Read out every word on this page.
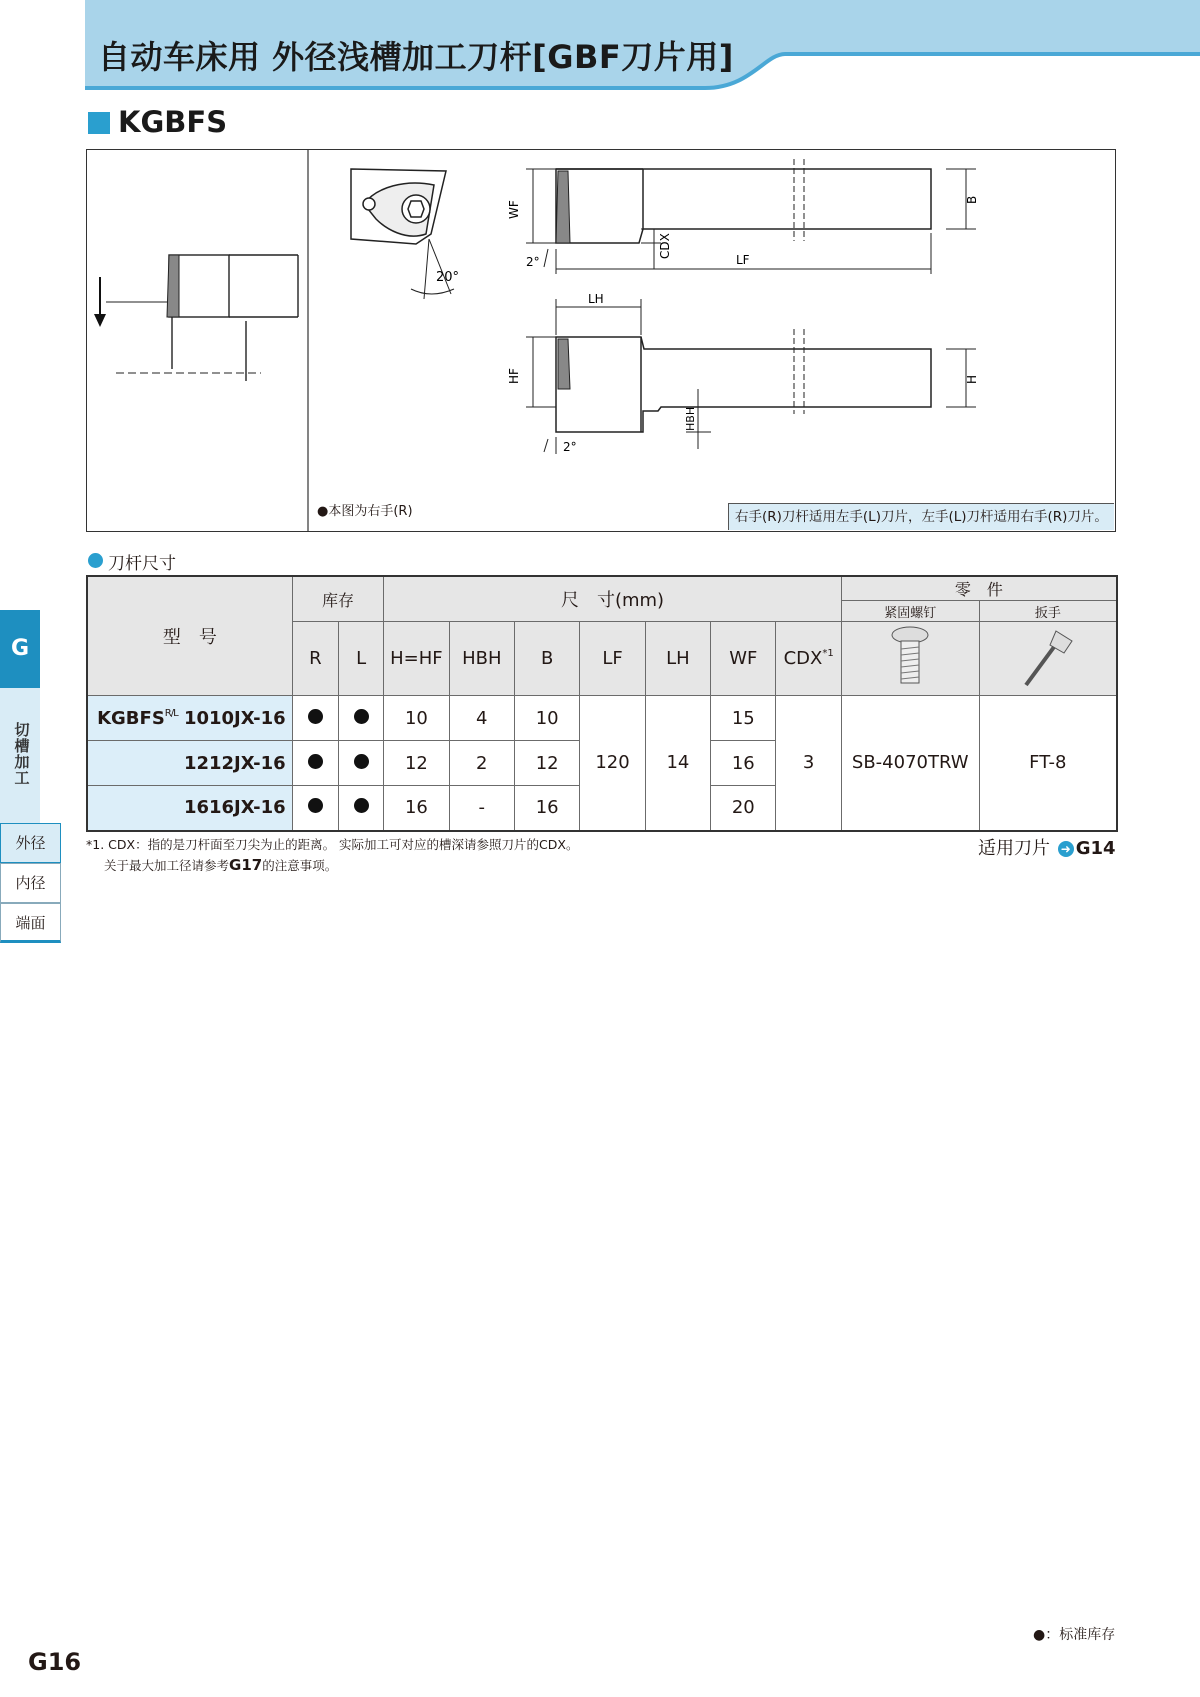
自动车床用 外径浅槽加工刀杆[GBF刀片用]
KGBFS
20°
WF
B
CDX
LF
2°
LH
HF	H
HBH
2°
●本图为右手(R)	右手(R)刀杆适用左手(L)刀片，左手(L)刀杆适用右手(R)刀片。
刀杆尺寸
型　号	库存		尺　寸(mm)							零　件	
										紧固螺钉	扳手
	R	L	H=HF	HBH	B	LF	LH	WF	CDX$^{*1}$		
$KGBFS^{R/L}$ 1010JX-16			10	4	10	120	14	15	3	SB-4070TRW	FT-8
1212JX-16			12	2	12			16			
1616JX-16			16	-	16			20			
*1. CDX：指的是刀杆面至刀尖为止的距离。 实际加工可对应的槽深请参照刀片的CDX。
关于最大加工径请参考G17的注意事项。
适用刀片 ➜ G14
G
切槽加工
外径
内径
端面
●：标准库存
G16
